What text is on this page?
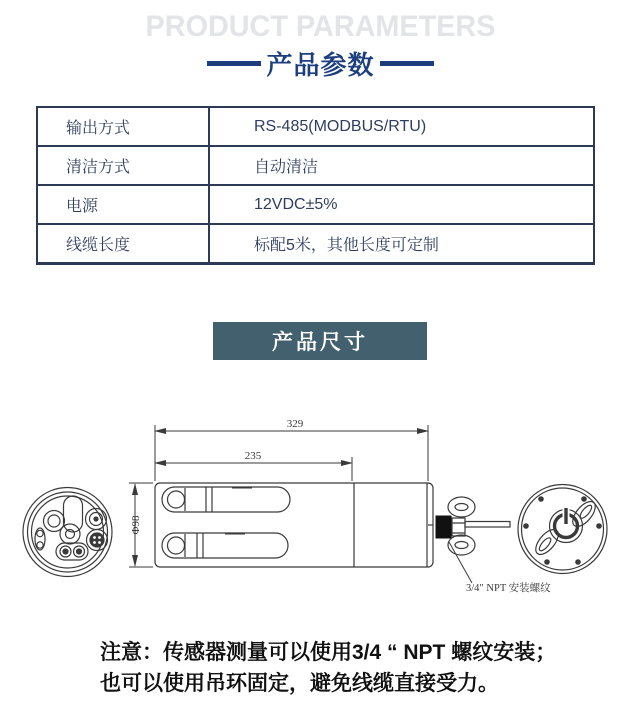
PRODUCT PARAMETERS
产品参数
输出方式	RS-485(MODBUS/RTU)
清洁方式	自动清洁
电源	12VDC±5%
线缆长度	标配5米，其他长度可定制
产品尺寸
329
235
Φ98
3/4″ NPT 安装螺纹
注意：传感器测量可以使用3/4 “ NPT 螺纹安装；
也可以使用吊环固定，避免线缆直接受力。
